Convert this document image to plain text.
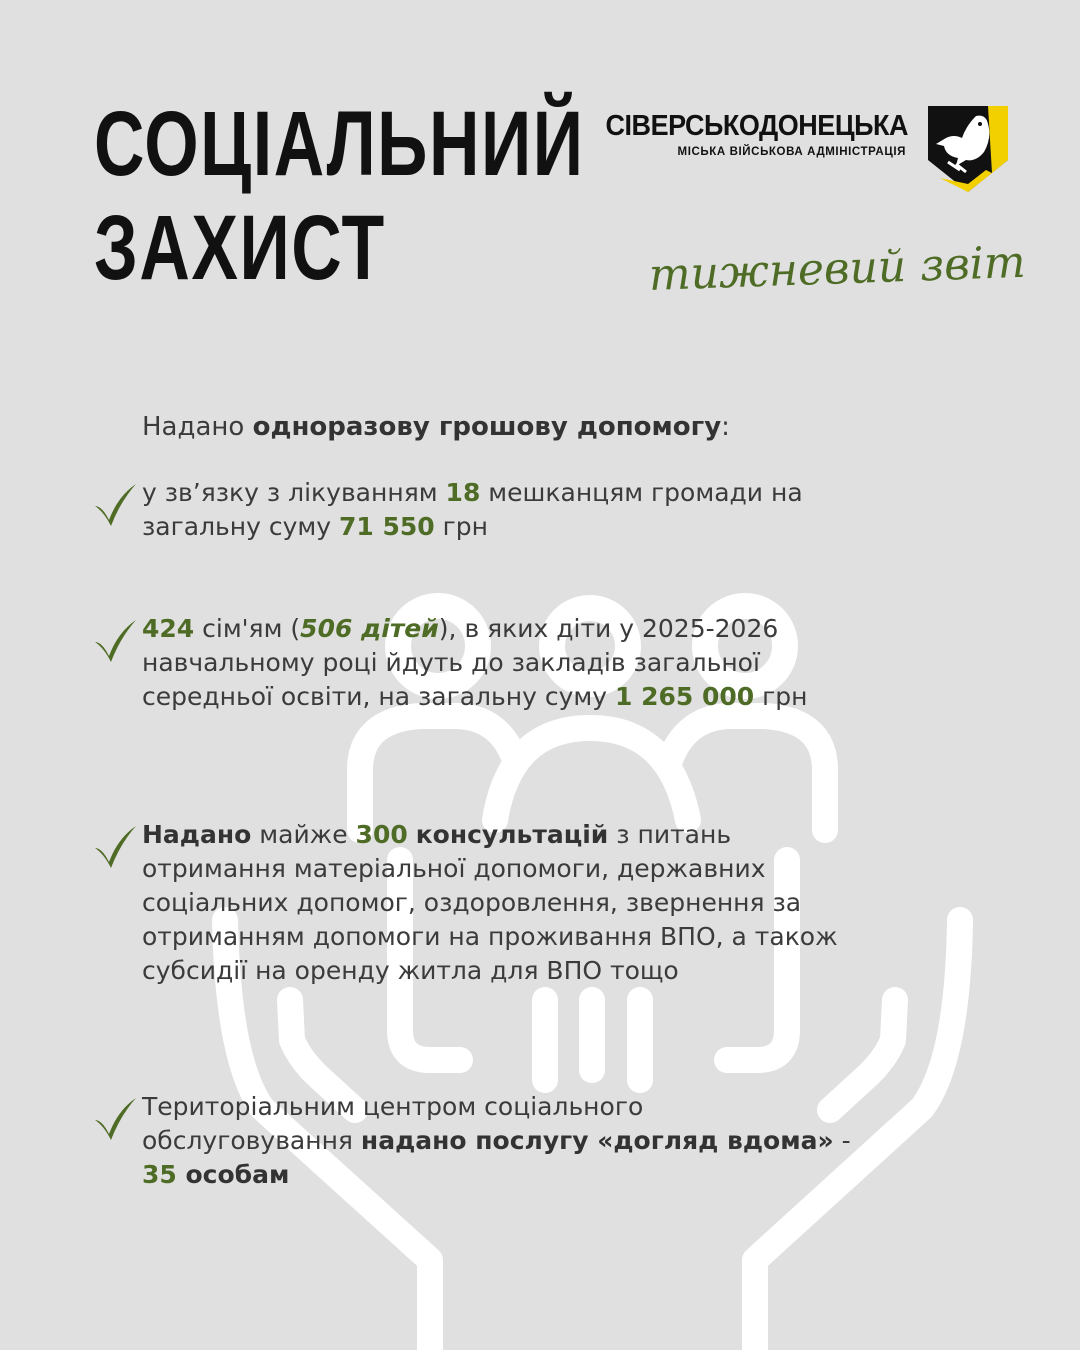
СОЦІАЛЬНИЙ
ЗАХИСТ
СІВЕРСЬКОДОНЕЦЬКА
МІСЬКА ВІЙСЬКОВА АДМІНІСТРАЦІЯ
тижневий звіт

Надано одноразову грошову допомогу:

у зв’язку з лікуванням 18 мешканцям громади на

загальну суму 71 550 грн

424 сім'ям (506 дітей), в яких діти у 2025-2026

навчальному році йдуть до закладів загальної

середньої освіти, на загальну суму 1 265 000 грн

Надано майже 300 консультацій з питань

отримання матеріальної допомоги, державних

соціальних допомог, оздоровлення, звернення за

отриманням допомоги на проживання ВПО, а також

субсидії на оренду житла для ВПО тощо

Територіальним центром соціального

обслуговування надано послугу «догляд вдома» -

35 особам
